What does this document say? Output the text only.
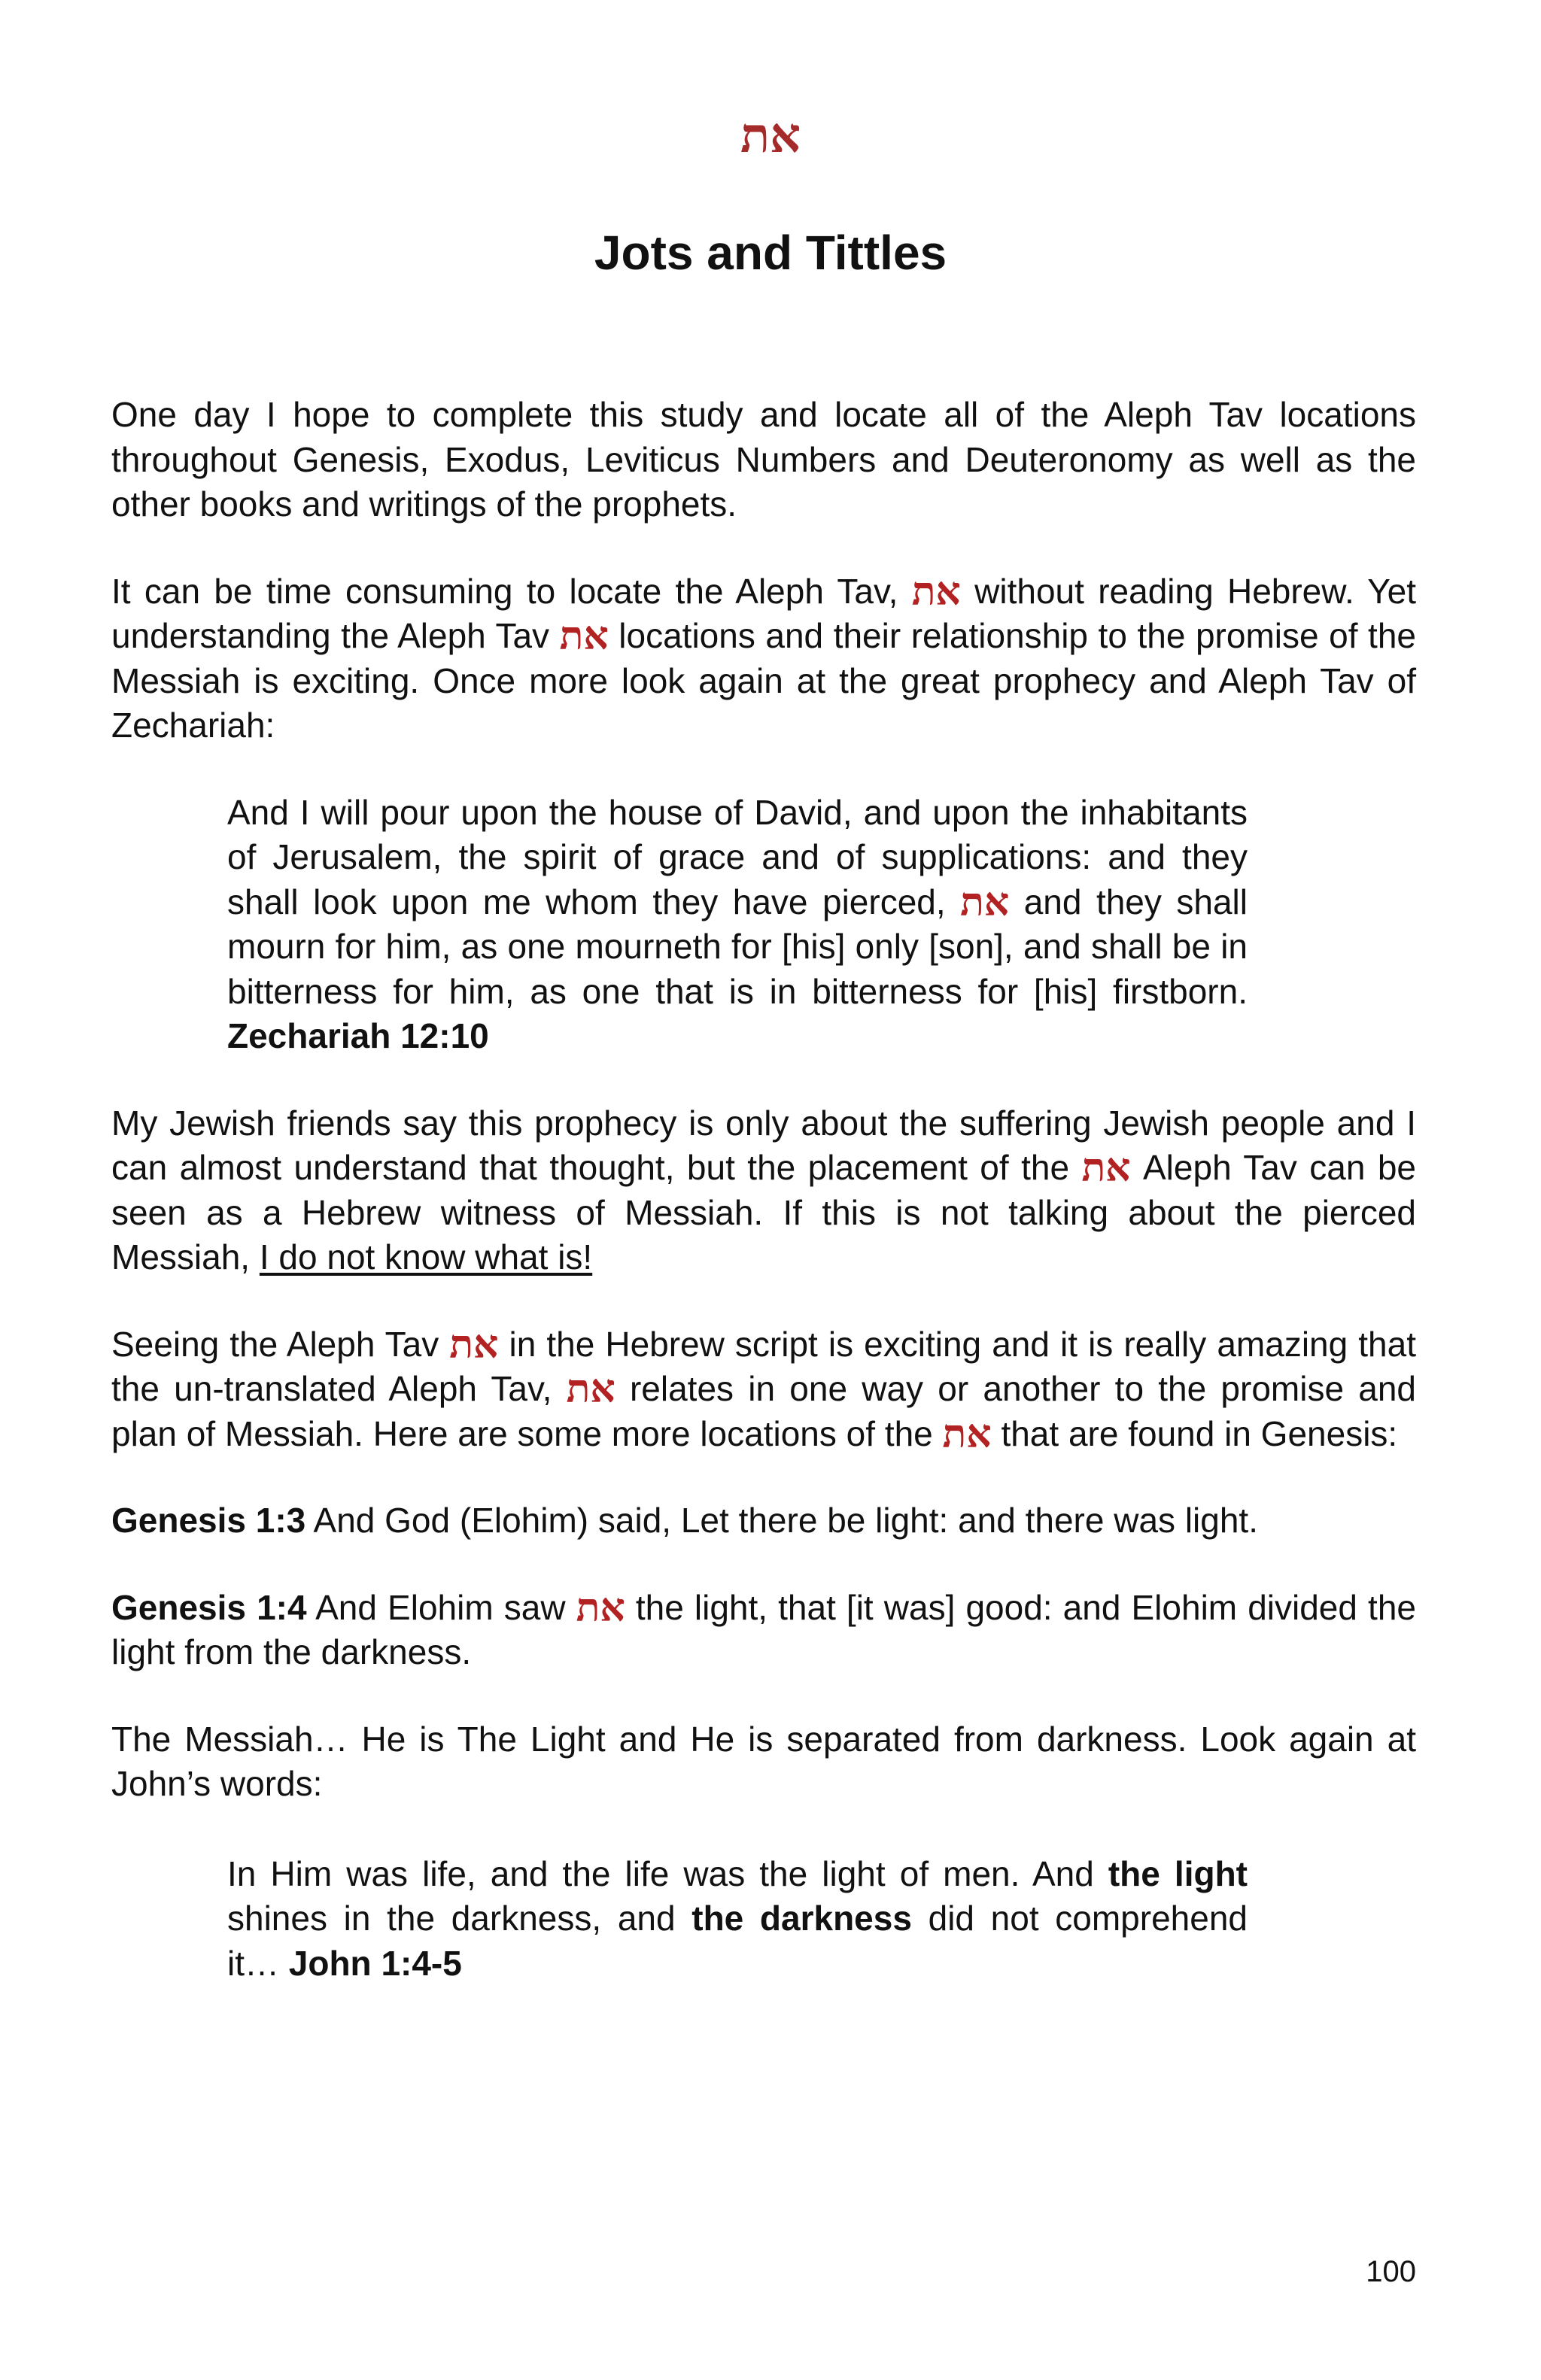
את
Jots and Tittles

One day I hope to complete this study and locate all of the Aleph Tav locations throughout Genesis, Exodus, Leviticus Numbers and Deuteronomy as well as the other books and writings of the prophets.

It can be time consuming to locate the Aleph Tav, את without reading Hebrew. Yet understanding the Aleph Tav את locations and their relationship to the promise of the Messiah is exciting. Once more look again at the great prophecy and Aleph Tav of Zechariah:

And I will pour upon the house of David, and upon the inhabitants of Jerusalem, the spirit of grace and of supplications: and they shall look upon me whom they have pierced, את and they shall mourn for him, as one mourneth for [his] only [son], and shall be in bitterness for him, as one that is in bitterness for [his] firstborn. Zechariah 12:10

My Jewish friends say this prophecy is only about the suffering Jewish people and I can almost understand that thought, but the placement of the את Aleph Tav can be seen as a Hebrew witness of Messiah. If this is not talking about the pierced Messiah, I do not know what is!

Seeing the Aleph Tav את in the Hebrew script is exciting and it is really amazing that the un-translated Aleph Tav, את relates in one way or another to the promise and plan of Messiah. Here are some more locations of the את that are found in Genesis:

Genesis 1:3 And God (Elohim) said, Let there be light: and there was light.

Genesis 1:4 And Elohim saw את the light, that [it was] good: and Elohim divided the light from the darkness.

The Messiah… He is The Light and He is separated from darkness. Look again at John’s words:

In Him was life, and the life was the light of men. And the light shines in the darkness, and the darkness did not comprehend it… John 1:4-5

100
